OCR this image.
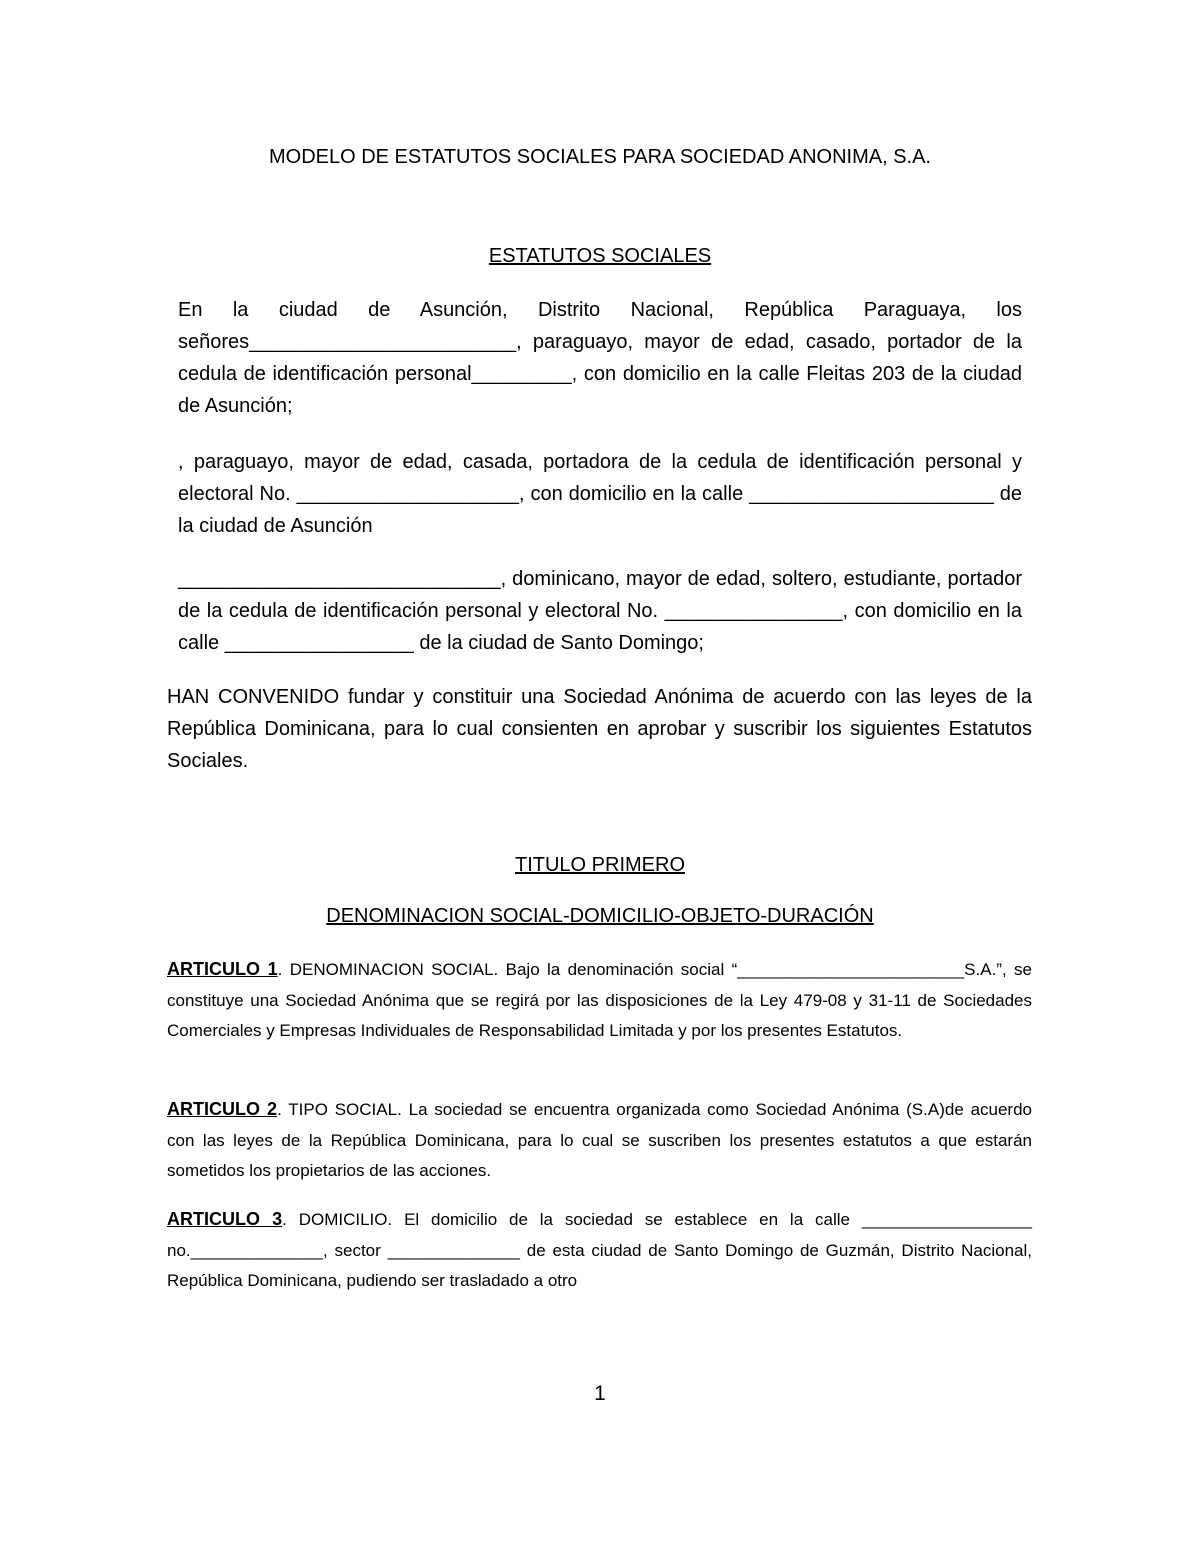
MODELO DE ESTATUTOS SOCIALES PARA SOCIEDAD ANONIMA, S.A.

ESTATUTOS SOCIALES

En la ciudad de Asunción, Distrito Nacional, República Paraguaya, los señores________________________, paraguayo, mayor de edad, casado, portador de la cedula de identificación personal_________, con domicilio en la calle Fleitas 203 de la ciudad de Asunción;

, paraguayo, mayor de edad, casada, portadora de la cedula de identificación personal y electoral No. ____________________, con domicilio en la calle ______________________ de la ciudad de Asunción

_____________________________, dominicano, mayor de edad, soltero, estudiante, portador de la cedula de identificación personal y electoral No. ________________, con domicilio en la calle _________________ de la ciudad de Santo Domingo;

HAN CONVENIDO fundar y constituir una Sociedad Anónima de acuerdo con las leyes de la República Dominicana, para lo cual consienten en aprobar y suscribir los siguientes Estatutos Sociales.

TITULO PRIMERO

DENOMINACION SOCIAL-DOMICILIO-OBJETO-DURACIÓN

ARTICULO 1. DENOMINACION SOCIAL. Bajo la denominación social “________________________S.A.”, se constituye una Sociedad Anónima que se regirá por las disposiciones de la Ley 479-08 y 31-11 de Sociedades Comerciales y Empresas Individuales de Responsabilidad Limitada y por los presentes Estatutos.

ARTICULO 2. TIPO SOCIAL. La sociedad se encuentra organizada como Sociedad Anónima (S.A)de acuerdo con las leyes de la República Dominicana, para lo cual se suscriben los presentes estatutos a que estarán sometidos los propietarios de las acciones.

ARTICULO 3. DOMICILIO. El domicilio de la sociedad se establece en la calle __________________ no.______________, sector ______________ de esta ciudad de Santo Domingo de Guzmán, Distrito Nacional, República Dominicana, pudiendo ser trasladado a otro

1
